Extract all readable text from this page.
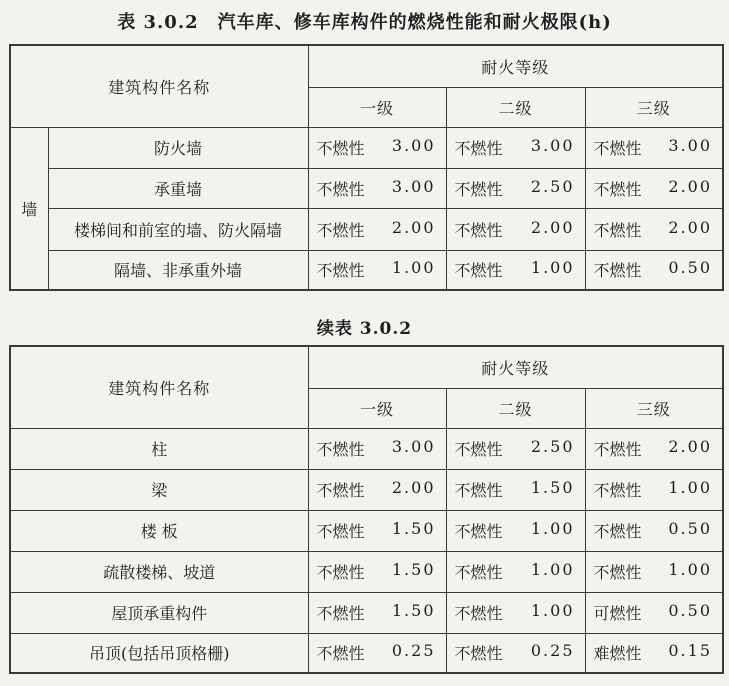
表 3.0.2　汽车库、修车库构件的燃烧性能和耐火极限(h)
建筑构件名称		耐火等级		
		一级	二级	三级
墙	防火墙	不燃性 3.00	不燃性 3.00	不燃性 3.00

	承重墙	不燃性 3.00	不燃性 2.50	不燃性 2.00

	楼梯间和前室的墙、防火隔墙	不燃性 2.00	不燃性 2.00	不燃性 2.00

	隔墙、非承重外墙	不燃性 1.00	不燃性 1.00	不燃性 0.50
续表 3.0.2
建筑构件名称	耐火等级		
	一级	二级	三级
柱	不燃性 3.00	不燃性 2.50	不燃性 2.00

梁	不燃性 2.00	不燃性 1.50	不燃性 1.00

楼 板	不燃性 1.50	不燃性 1.00	不燃性 0.50

疏散楼梯、坡道	不燃性 1.50	不燃性 1.00	不燃性 1.00

屋顶承重构件	不燃性 1.50	不燃性 1.00	可燃性 0.50

吊顶(包括吊顶格栅)	不燃性 0.25	不燃性 0.25	难燃性 0.15
